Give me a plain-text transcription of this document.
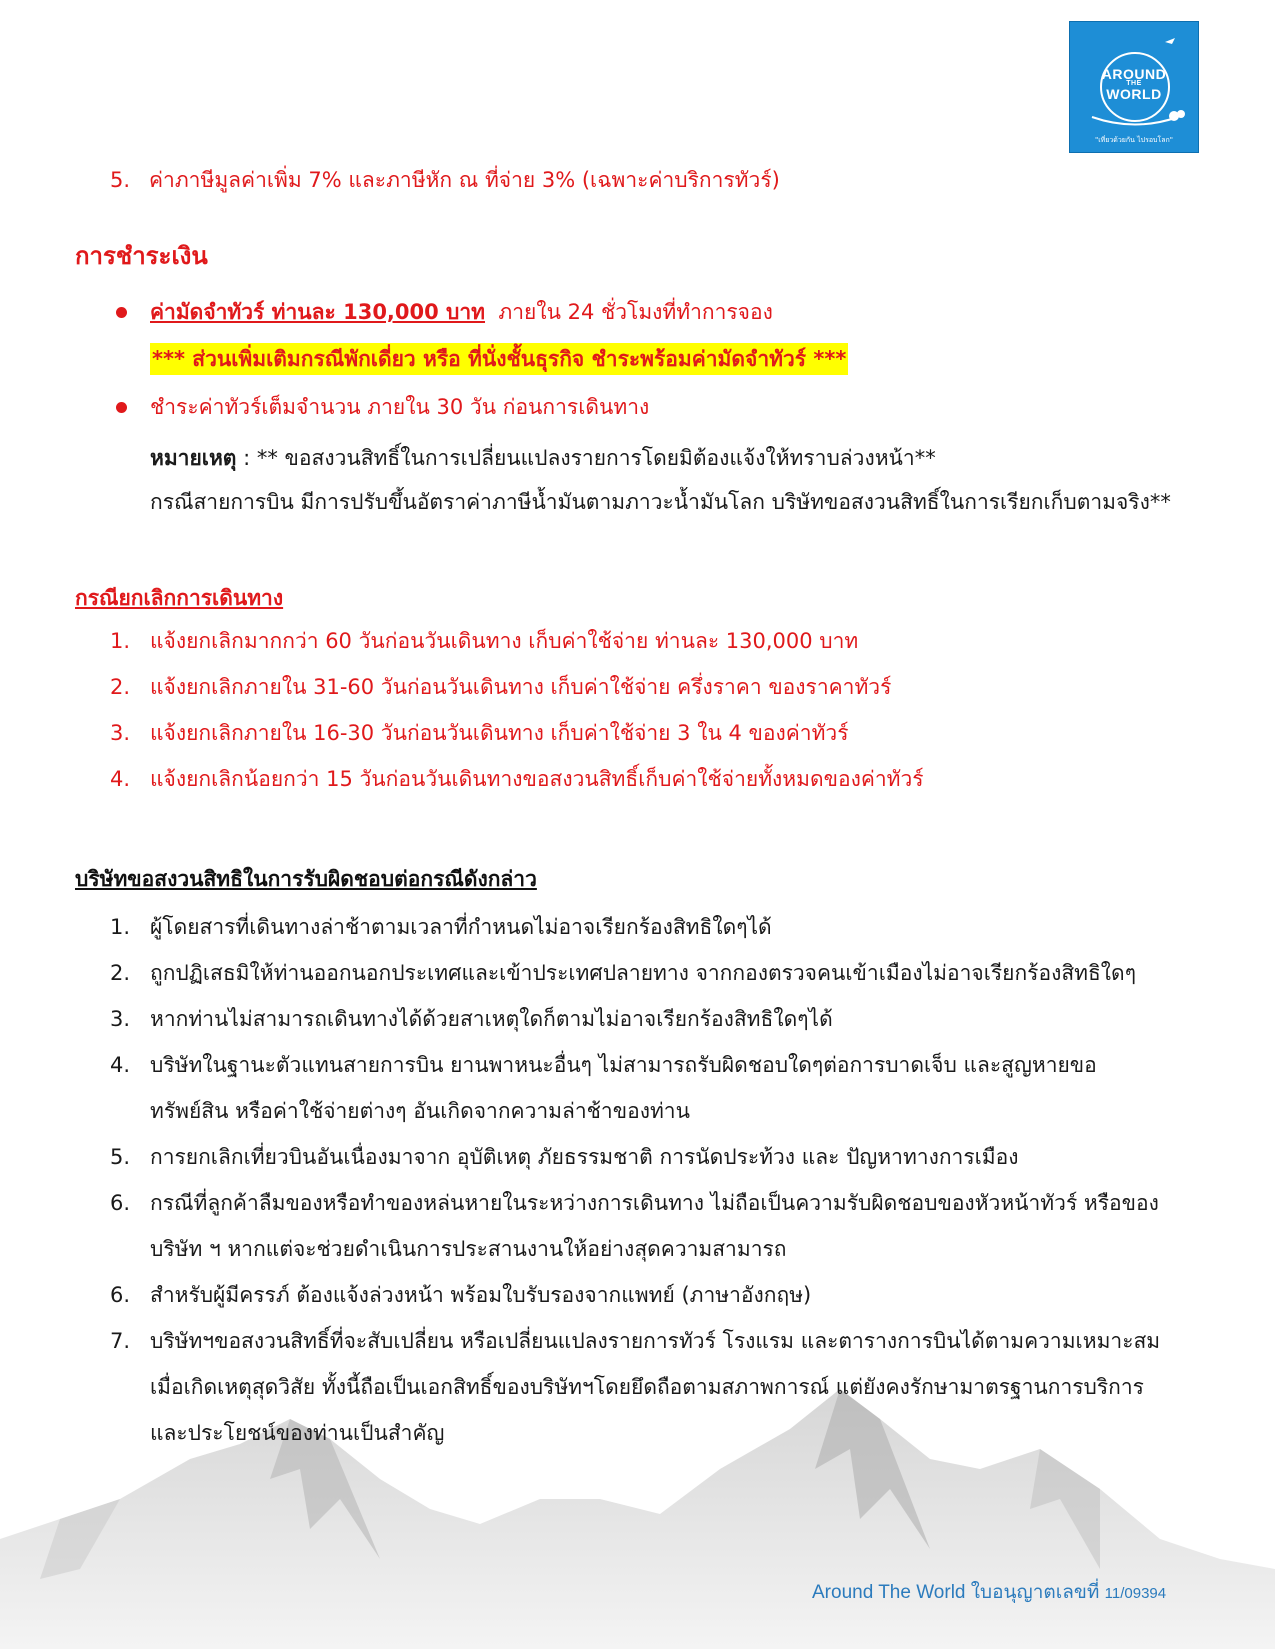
AROUND
THE
WORLD
"เที่ยวด้วยกัน ไปรอบโลก"
5. ค่าภาษีมูลค่าเพิ่ม 7% และภาษีหัก ณ ที่จ่าย 3% (เฉพาะค่าบริการทัวร์)
การชำระเงิน
ค่ามัดจำทัวร์ ท่านละ 130,000 บาท ภายใน 24 ชั่วโมงที่ทำการจอง
*** ส่วนเพิ่มเติมกรณีพักเดี่ยว หรือ ที่นั่งชั้นธุรกิจ ชำระพร้อมค่ามัดจำทัวร์ ***
ชำระค่าทัวร์เต็มจำนวน ภายใน 30 วัน ก่อนการเดินทาง
หมายเหตุ : ** ขอสงวนสิทธิ์ในการเปลี่ยนแปลงรายการโดยมิต้องแจ้งให้ทราบล่วงหน้า**
กรณีสายการบิน มีการปรับขึ้นอัตราค่าภาษีน้ำมันตามภาวะน้ำมันโลก บริษัทขอสงวนสิทธิ์ในการเรียกเก็บตามจริง**
กรณียกเลิกการเดินทาง
1. แจ้งยกเลิกมากกว่า 60 วันก่อนวันเดินทาง เก็บค่าใช้จ่าย ท่านละ 130,000 บาท
2. แจ้งยกเลิกภายใน 31-60 วันก่อนวันเดินทาง เก็บค่าใช้จ่าย ครึ่งราคา ของราคาทัวร์
3. แจ้งยกเลิกภายใน 16-30 วันก่อนวันเดินทาง เก็บค่าใช้จ่าย 3 ใน 4 ของค่าทัวร์
4. แจ้งยกเลิกน้อยกว่า 15 วันก่อนวันเดินทางขอสงวนสิทธิ์เก็บค่าใช้จ่ายทั้งหมดของค่าทัวร์
บริษัทขอสงวนสิทธิในการรับผิดชอบต่อกรณีดังกล่าว
1. ผู้โดยสารที่เดินทางล่าช้าตามเวลาที่กำหนดไม่อาจเรียกร้องสิทธิใดๆได้
2. ถูกปฏิเสธมิให้ท่านออกนอกประเทศและเข้าประเทศปลายทาง จากกองตรวจคนเข้าเมืองไม่อาจเรียกร้องสิทธิใดๆ
3. หากท่านไม่สามารถเดินทางได้ด้วยสาเหตุใดก็ตามไม่อาจเรียกร้องสิทธิใดๆได้
4. บริษัทในฐานะตัวแทนสายการบิน ยานพาหนะอื่นๆ ไม่สามารถรับผิดชอบใดๆต่อการบาดเจ็บ และสูญหายขอ
ทรัพย์สิน หรือค่าใช้จ่ายต่างๆ อันเกิดจากความล่าช้าของท่าน
5. การยกเลิกเที่ยวบินอันเนื่องมาจาก อุบัติเหตุ ภัยธรรมชาติ การนัดประท้วง และ ปัญหาทางการเมือง
6. กรณีที่ลูกค้าลืมของหรือทำของหล่นหายในระหว่างการเดินทาง ไม่ถือเป็นความรับผิดชอบของหัวหน้าทัวร์ หรือของ
บริษัท ฯ หากแต่จะช่วยดำเนินการประสานงานให้อย่างสุดความสามารถ
6. สำหรับผู้มีครรภ์ ต้องแจ้งล่วงหน้า พร้อมใบรับรองจากแพทย์ (ภาษาอังกฤษ)
7. บริษัทฯขอสงวนสิทธิ์ที่จะสับเปลี่ยน หรือเปลี่ยนแปลงรายการทัวร์ โรงแรม และตารางการบินได้ตามความเหมาะสม
เมื่อเกิดเหตุสุดวิสัย ทั้งนี้ถือเป็นเอกสิทธิ์ของบริษัทฯโดยยึดถือตามสภาพการณ์ แต่ยังคงรักษามาตรฐานการบริการ
และประโยชน์ของท่านเป็นสำคัญ
Around The World ใบอนุญาตเลขที่ 11/09394
